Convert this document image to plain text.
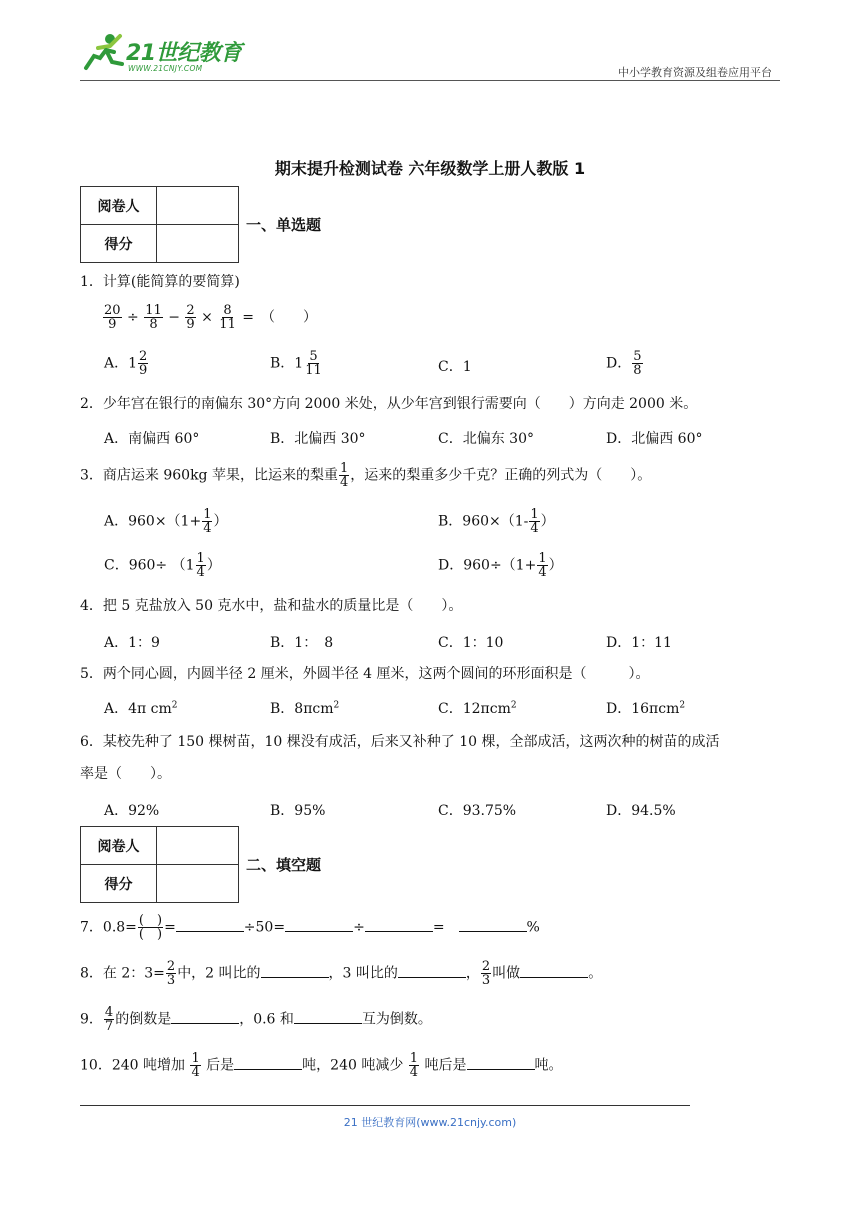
21世纪教育
WWW.21CNJY.COM	中小学教育资源及组卷应用平台
期末提升检测试卷 六年级数学上册人教版 1
阅卷人	
得分	
一、单选题
1．计算(能简算的要简算)
$\frac{20}{9} \div \frac{11}{8} - \frac{2}{9} \times \frac{8}{11}$ =　（　　）
A．$1 \frac{2}{9}$	B．$1 \frac{5}{11}$	C．1	D． $\frac{5}{8}$
2．少年宫在银行的南偏东 30°方向 2000 米处，从少年宫到银行需要向（　　）方向走 2000 米。
A．南偏西 60°	B．北偏西 30°	C．北偏东 30°	D．北偏西 60°
3．商店运来 960kg 苹果，比运来的梨重 $\frac{1}{4}$ ，运来的梨重多少千克？正确的列式为（　　）。
A．$960\times(1+ \frac{1}{4}$ ）	B．$960\times(1- \frac{1}{4}$ ）
C．$960\div (1 \frac{1}{4}$ ）	D．$960\div(1+ \frac{1}{4}$ ）
4．把 5 克盐放入 50 克水中，盐和盐水的质量比是（　　）。
A．1：9	B．1：　8	C．1：10	D．1：11
5．两个同心圆，内圆半径 2 厘米，外圆半径 4 厘米，这两个圆间的环形面积是（　　　）。
A．4π $cm^2$	B．8πcm$^2$	C．12πcm$^2$	D．16πcm$^2$
6．某校先种了 150 棵树苗，10 棵没有成活，后来又补种了 10 棵，全部成活，这两次种的树苗的成活
率是（　　）。
A．92%	B．95%	C．93.75%	D．94.5%
阅卷人	
得分	
二、填空题
7．$0.8= \frac{( )}{( )}$ =	÷50=	÷	=　	%
8．在 2：$3= \frac{2}{3}$ 中，2 叫比的	，3 叫比的	， $\frac{2}{3}$ 叫做	。
9． $\frac{4}{7}$ 的倒数是	，0.6 和	互为倒数。
10．240 吨增加 $\frac{1}{4}$ 后是	吨，240 吨减少 $\frac{1}{4}$ 吨后是	吨。
21 世纪教育网(www.21cnjy.com)
